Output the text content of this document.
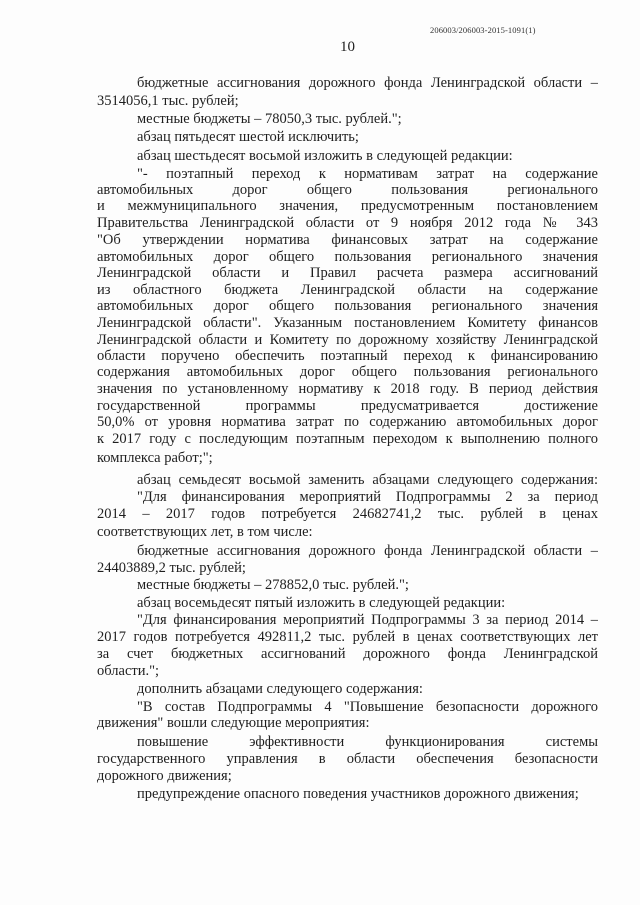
206003/206003-2015-1091(1)
10
бюджетные ассигнования дорожного фонда Ленинградской области –
3514056,1 тыс. рублей;
местные бюджеты – 78050,3 тыс. рублей.";
абзац пятьдесят шестой исключить;
абзац шестьдесят восьмой изложить в следующей редакции:
"- поэтапный переход к нормативам затрат на содержание
автомобильных дорог общего пользования регионального
и межмуниципального значения, предусмотренным постановлением
Правительства Ленинградской области от 9 ноября 2012 года № 343
"Об утверждении норматива финансовых затрат на содержание
автомобильных дорог общего пользования регионального значения
Ленинградской области и Правил расчета размера ассигнований
из областного бюджета Ленинградской области на содержание
автомобильных дорог общего пользования регионального значения
Ленинградской области". Указанным постановлением Комитету финансов
Ленинградской области и Комитету по дорожному хозяйству Ленинградской
области поручено обеспечить поэтапный переход к финансированию
содержания автомобильных дорог общего пользования регионального
значения по установленному нормативу к 2018 году. В период действия
государственной программы предусматривается достижение
50,0% от уровня норматива затрат по содержанию автомобильных дорог
к 2017 году с последующим поэтапным переходом к выполнению полного
комплекса работ;";
абзац семьдесят восьмой заменить абзацами следующего содержания:
"Для финансирования мероприятий Подпрограммы 2 за период
2014 – 2017 годов потребуется 24682741,2 тыс. рублей в ценах
соответствующих лет, в том числе:
бюджетные ассигнования дорожного фонда Ленинградской области –
24403889,2 тыс. рублей;
местные бюджеты – 278852,0 тыс. рублей.";
абзац восемьдесят пятый изложить в следующей редакции:
"Для финансирования мероприятий Подпрограммы 3 за период 2014 –
2017 годов потребуется 492811,2 тыс. рублей в ценах соответствующих лет
за счет бюджетных ассигнований дорожного фонда Ленинградской
области.";
дополнить абзацами следующего содержания:
"В состав Подпрограммы 4 "Повышение безопасности дорожного
движения" вошли следующие мероприятия:
повышение эффективности функционирования системы
государственного управления в области обеспечения безопасности
дорожного движения;
предупреждение опасного поведения участников дорожного движения;
